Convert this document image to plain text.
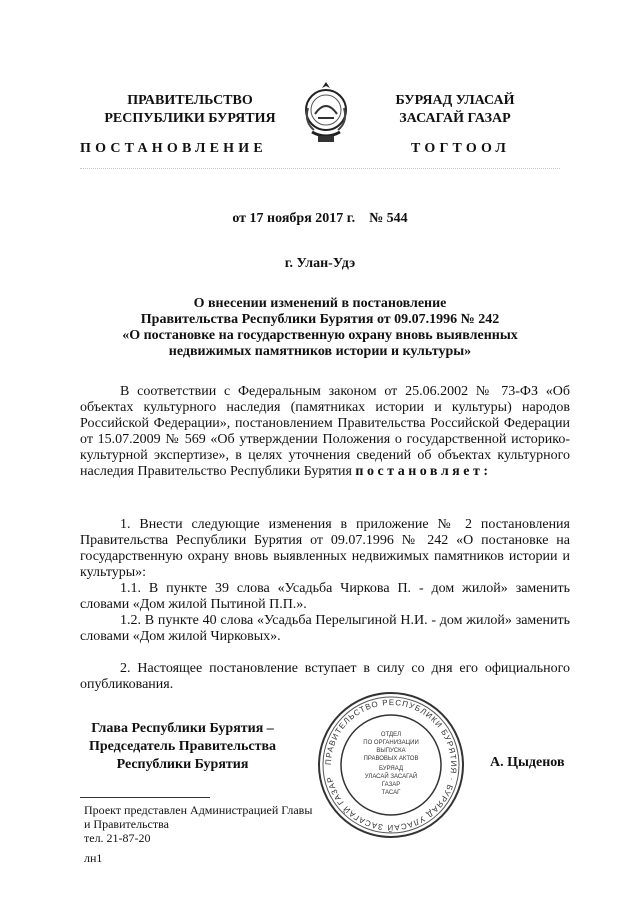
ПРАВИТЕЛЬСТВО
РЕСПУБЛИКИ БУРЯТИЯ
БУРЯАД УЛАСАЙ
ЗАСАГАЙ ГАЗАР
ПОСТАНОВЛЕНИЕ	ТОГТООЛ
от 17 ноября 2017 г.    № 544
г. Улан-Удэ
О внесении изменений в постановление
Правительства Республики Бурятия от 09.07.1996 № 242
«О постановке на государственную охрану вновь выявленных
недвижимых памятников истории и культуры»

В соответствии с Федеральным законом от 25.06.2002 № 73-ФЗ «Об объектах культурного наследия (памятниках истории и культуры) народов Российской Федерации», постановлением Правительства Российской Федерации от 15.07.2009 № 569 «Об утверждении Положения о государственной историко-культурной экспертизе», в целях уточнения сведений об объектах культурного наследия Правительство Республики Бурятия постановляет:

1. Внести следующие изменения в приложение № 2 постановления Правительства Республики Бурятия от 09.07.1996 № 242 «О постановке на государственную охрану вновь выявленных недвижимых памятников истории и культуры»:

1.1. В пункте 39 слова «Усадьба Чиркова П. - дом жилой» заменить словами «Дом жилой Пытиной П.П.».

1.2. В пункте 40 слова «Усадьба Перелыгиной Н.И. - дом жилой» заменить словами «Дом жилой Чирковых».

2. Настоящее постановление вступает в силу со дня его официального опубликования.

Глава Республики Бурятия –
Председатель Правительства
Республики Бурятия	А. Цыденов
ПРАВИТЕЛЬСТВО РЕСПУБЛИКИ БУРЯТИЯ · БУРЯАД УЛАСАЙ ЗАСАГАЙ ГАЗАР
ОТДЕЛ
ПО ОРГАНИЗАЦИИ
ВЫПУСКА
ПРАВОВЫХ АКТОВ
БУРЯАД
УЛАСАЙ ЗАСАГАЙ
ГАЗАР
ТАСАГ
Проект представлен Администрацией Главы
и Правительства
тел. 21-87-20
лн1
